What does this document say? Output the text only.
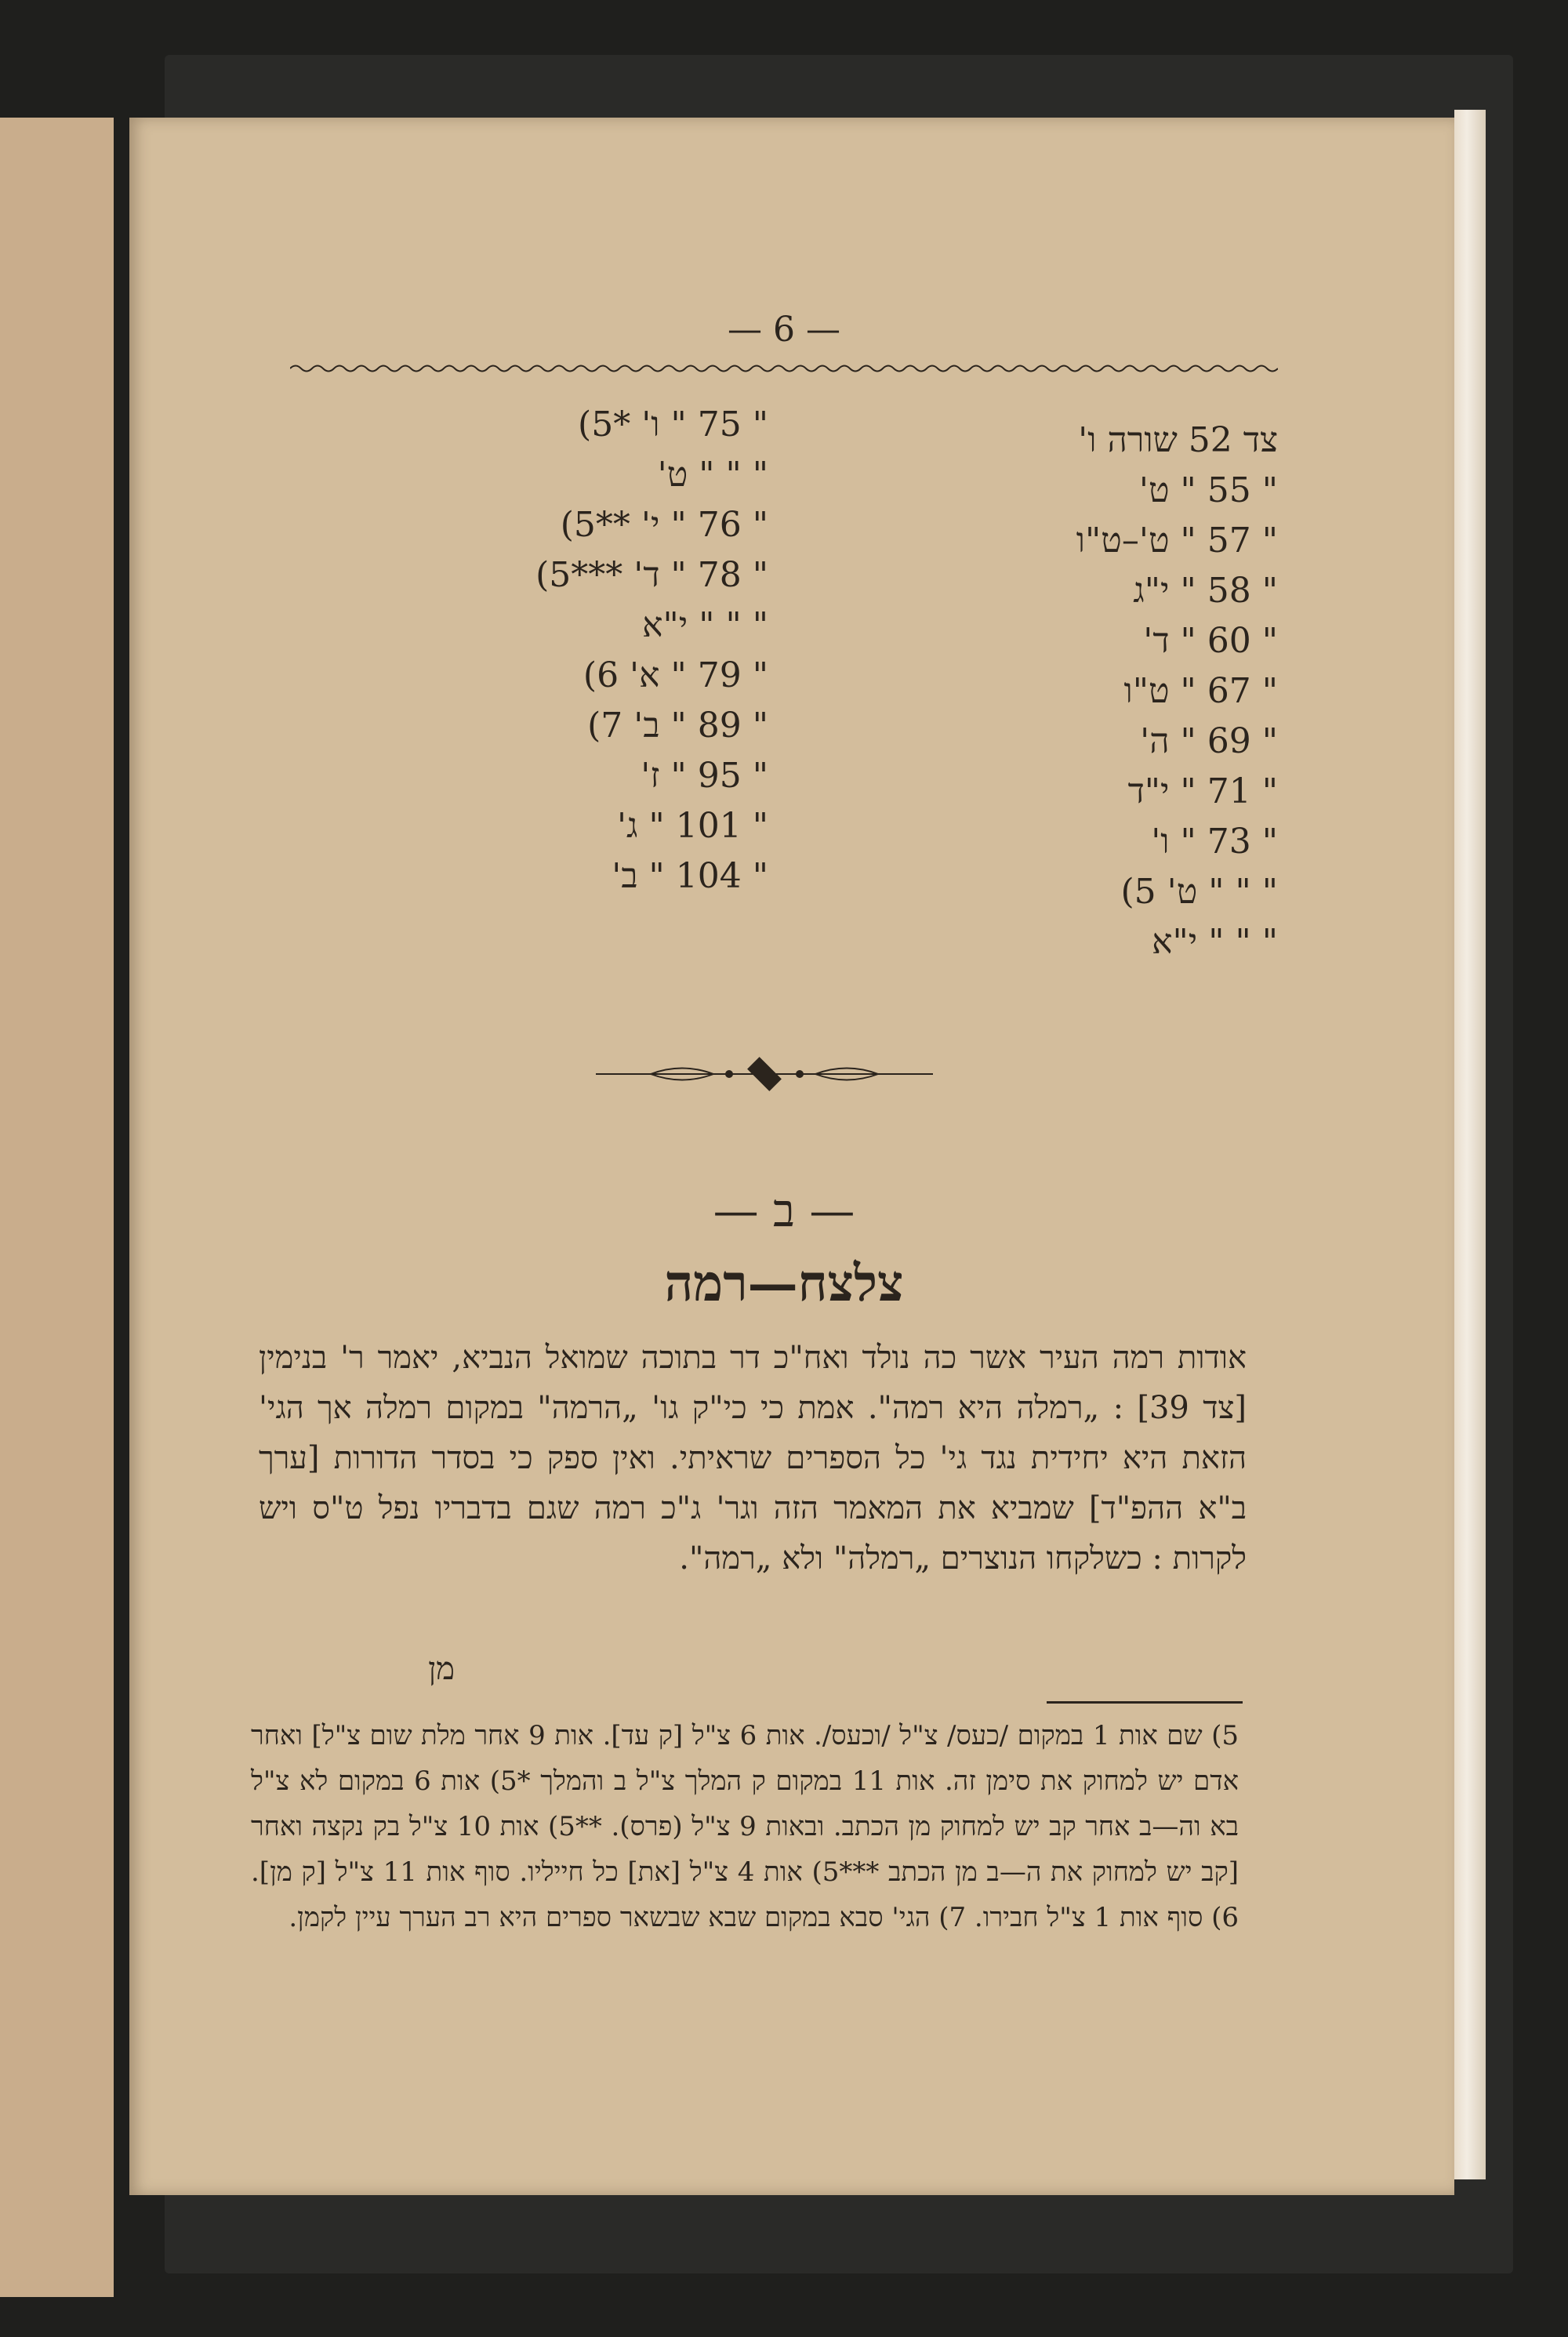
— 6 —
צד 52 שורה ו'
" 55 " ט'
" 57 " ט'–ט"ו
" 58 " י"ג
" 60 " ד'
" 67 " ט"ו
" 69 " ה'
" 71 " י"ד
" 73 " ו'
" " " ט' 5)
" " " י"א
" 75 " ו' *5)
" " " ט'
" 76 " י' **5)
" 78 " ד' ***5)
" " " י"א
" 79 " א' 6)
" 89 " ב' 7)
" 95 " ז'
" 101 " ג'
" 104 " ב'
— ב —
צלצח—רמה
אודות רמה העיר אשר כה נולד ואח"כ דר בתוכה שמואל הנביא, יאמר ר' בנימין [צד 39] : „רמלה היא רמה". אמת כי כי"ק גו' „הרמה" במקום רמלה אך הגי' הזאת היא יחידית נגד גי' כל הספרים שראיתי. ואין ספק כי בסדר הדורות [ערך ב"א ההפ"ד] שמביא את המאמר הזה וגר' ג"כ רמה שגם בדבריו נפל ט"ס ויש לקרות : כשלקחו הנוצרים „רמלה" ולא „רמה".
מן
5) שם אות 1 במקום /כעס/ צ"ל /וכעס/. אות 6 צ"ל [ק עד]. אות 9 אחר מלת שום צ"ל] ואחר אדם יש למחוק את סימן זה. אות 11 במקום ק המלך צ"ל ב והמלך *5) אות 6 במקום לא צ"ל בא וה—ב אחר קב יש למחוק מן הכתב. ובאות 9 צ"ל (פרס). **5) אות 10 צ"ל בק נקצה ואחר [קב יש למחוק את ה—ב מן הכתב ***5) אות 4 צ"ל [את] כל חייליו. סוף אות 11 צ"ל [ק מן]. 6) סוף אות 1 צ"ל חבירו. 7) הגי' סבא במקום שבא שבשאר ספרים היא רב הערך עיין לקמן.
